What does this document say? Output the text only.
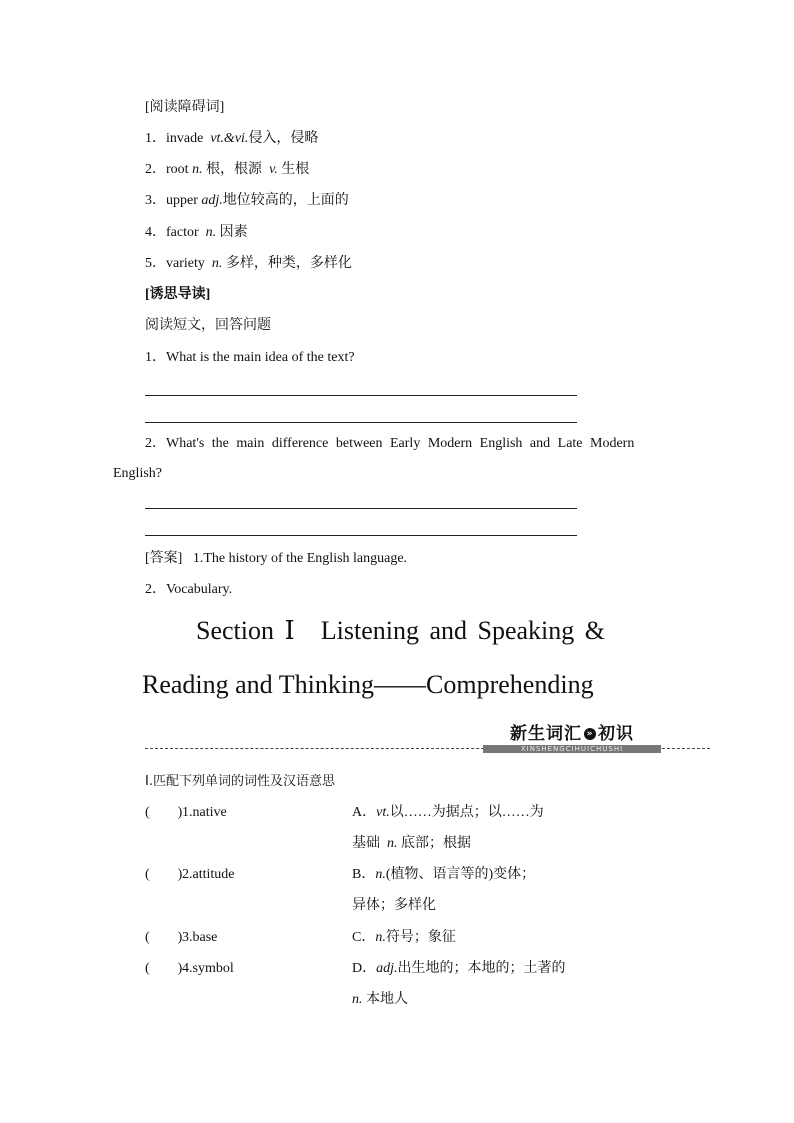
[阅读障碍词]
1．invade vt.&vi.侵入，侵略
2．root n. 根，根源 v. 生根
3．upper adj.地位较高的，上面的
4．factor n. 因素
5．variety n. 多样，种类，多样化
[诱思导读]
阅读短文，回答问题
1．What is the main idea of the text?
2．What's the main difference between Early Modern English and Late Modern
English?
[答案] 1.The history of the English language.
2．Vocabulary.
Section Ⅰ　Listening and Speaking &
Reading and Thinking——Comprehending
新生词汇 » 初识
XINSHENGCIHUICHUSHI
Ⅰ.匹配下列单词的词性及汉语意思
(　　) 1.native	A．vt.以……为据点；以……为
基础 n. 底部；根据
(　　) 2.attitude	B．n.(植物、语言等的)变体；
异体；多样化
(　　) 3.base	C．n.符号；象征
(　　) 4.symbol	D．adj.出生地的；本地的；土著的
n. 本地人
